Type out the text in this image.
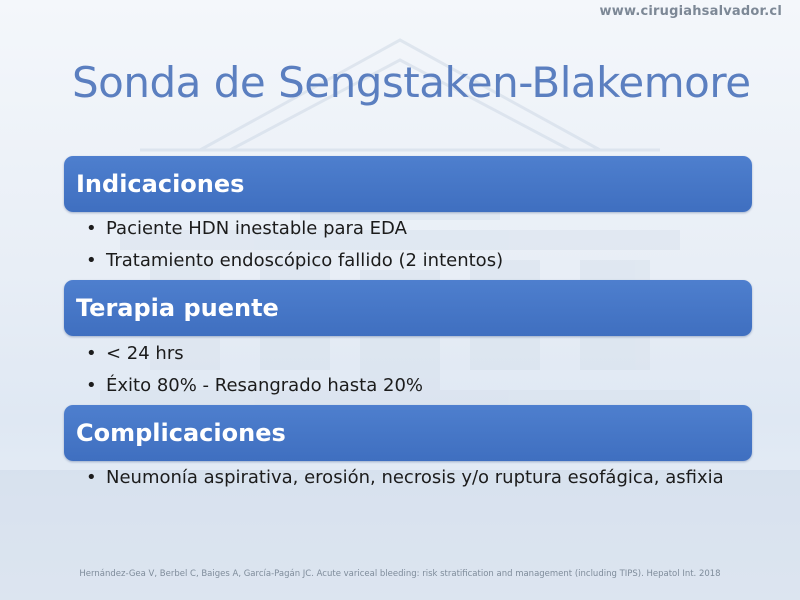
www.cirugiahsalvador.cl
Sonda de Sengstaken-Blakemore
Indicaciones
• Paciente HDN inestable para EDA
• Tratamiento endoscópico fallido (2 intentos)
Terapia puente
• < 24 hrs
• Éxito 80% - Resangrado hasta 20%
Complicaciones
• Neumonía aspirativa, erosión, necrosis y/o ruptura esofágica, asfixia
Hernández-Gea V, Berbel C, Baiges A, García-Pagán JC. Acute variceal bleeding: risk stratification and management (including TIPS). Hepatol Int. 2018
